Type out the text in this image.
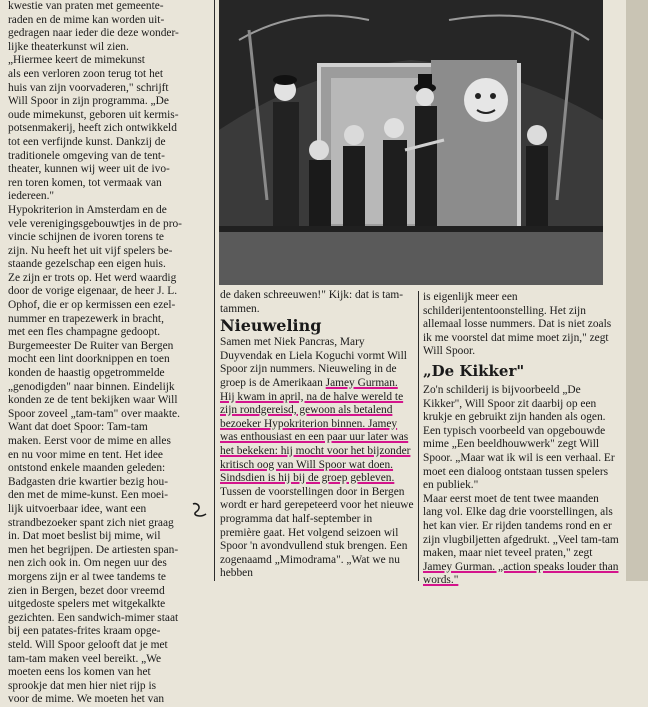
kwestie van praten met gemeente-

raden en de mime kan worden uit-

gedragen naar ieder die deze wonder-

lijke theaterkunst wil zien.

„Hiermee keert de mimekunst

als een verloren zoon terug tot het

huis van zijn voorvaderen," schrijft

Will Spoor in zijn programma. „De

oude mimekunst, geboren uit kermis-

potsenmakerij, heeft zich ontwikkeld

tot een verfijnde kunst. Dankzij de

traditionele omgeving van de tent-

theater, kunnen wij weer uit de ivo-

ren toren komen, tot vermaak van

iedereen."

Hypokriterion in Amsterdam en de

vele verenigingsgebouwtjes in de pro-

vincie schijnen de ivoren torens te

zijn. Nu heeft het uit vijf spelers be-

staande gezelschap een eigen huis.

Ze zijn er trots op. Het werd waardig

door de vorige eigenaar, de heer J. L.

Ophof, die er op kermissen een ezel-

nummer en trapezewerk in bracht,

met een fles champagne gedoopt.

Burgemeester De Ruiter van Bergen

mocht een lint doorknippen en toen

konden de haastig opgetrommelde

„genodigden" naar binnen. Eindelijk

konden ze de tent bekijken waar Will

Spoor zoveel „tam-tam" over maakte.

Want dat doet Spoor: Tam-tam

maken. Eerst voor de mime en alles

en nu voor mime en tent. Het idee

ontstond enkele maanden geleden:

Badgasten drie kwartier bezig hou-

den met de mime-kunst. Een moei-

lijk uitvoerbaar idee, want een

strandbezoeker spant zich niet graag

in. Dat moet beslist bij mime, wil

men het begrijpen. De artiesten span-

nen zich ook in. Om negen uur des

morgens zijn er al twee tandems te

zien in Bergen, bezet door vreemd

uitgedoste spelers met witgekalkte

gezichten. Een sandwich-mimer staat

bij een patates-frites kraam opge-

steld. Will Spoor gelooft dat je met

tam-tam maken veel bereikt. „We

moeten eens los komen van het

sprookje dat men hier niet rijp is

voor de mime. We moeten het van

de daken schreeuwen!" Kijk: dat is tam-tammen.

Nieuweling

Samen met Niek Pancras, Mary Duyvendak en Liela Koguchi vormt Will Spoor zijn nummers. Nieuweling in de groep is de Amerikaan Jamey Gurman. Hij kwam in april, na de halve wereld te zijn rondgereisd, gewoon als betalend bezoeker Hypokriterion binnen. Jamey was enthousiast en een paar uur later was het bekeken: hij mocht voor het bijzonder kritisch oog van Will Spoor wat doen. Sindsdien is hij bij de groep gebleven.

Tussen de voorstellingen door in Bergen wordt er hard gerepeteerd voor het nieuwe programma dat half-september in première gaat. Het volgend seizoen wil Spoor 'n avondvullend stuk brengen. Een zogenaamd „Mimodrama". „Wat we nu hebben

is eigenlijk meer een schilderijententoonstelling. Het zijn allemaal losse nummers. Dat is niet zoals ik me voorstel dat mime moet zijn," zegt Will Spoor.

„De Kikker"

Zo'n schilderij is bijvoorbeeld „De Kikker", Will Spoor zit daarbij op een krukje en gebruikt zijn handen als ogen. Een typisch voorbeeld van opgebouwde mime „Een beeldhouwwerk" zegt Will Spoor. „Maar wat ik wil is een verhaal. Er moet een dialoog ontstaan tussen spelers en publiek."

Maar eerst moet de tent twee maanden lang vol. Elke dag drie voorstellingen, als het kan vier. Er rijden tandems rond en er zijn vlugbiljetten afgedrukt. „Veel tam-tam maken, maar niet teveel praten," zegt Jamey Gurman. „action speaks louder than words."
